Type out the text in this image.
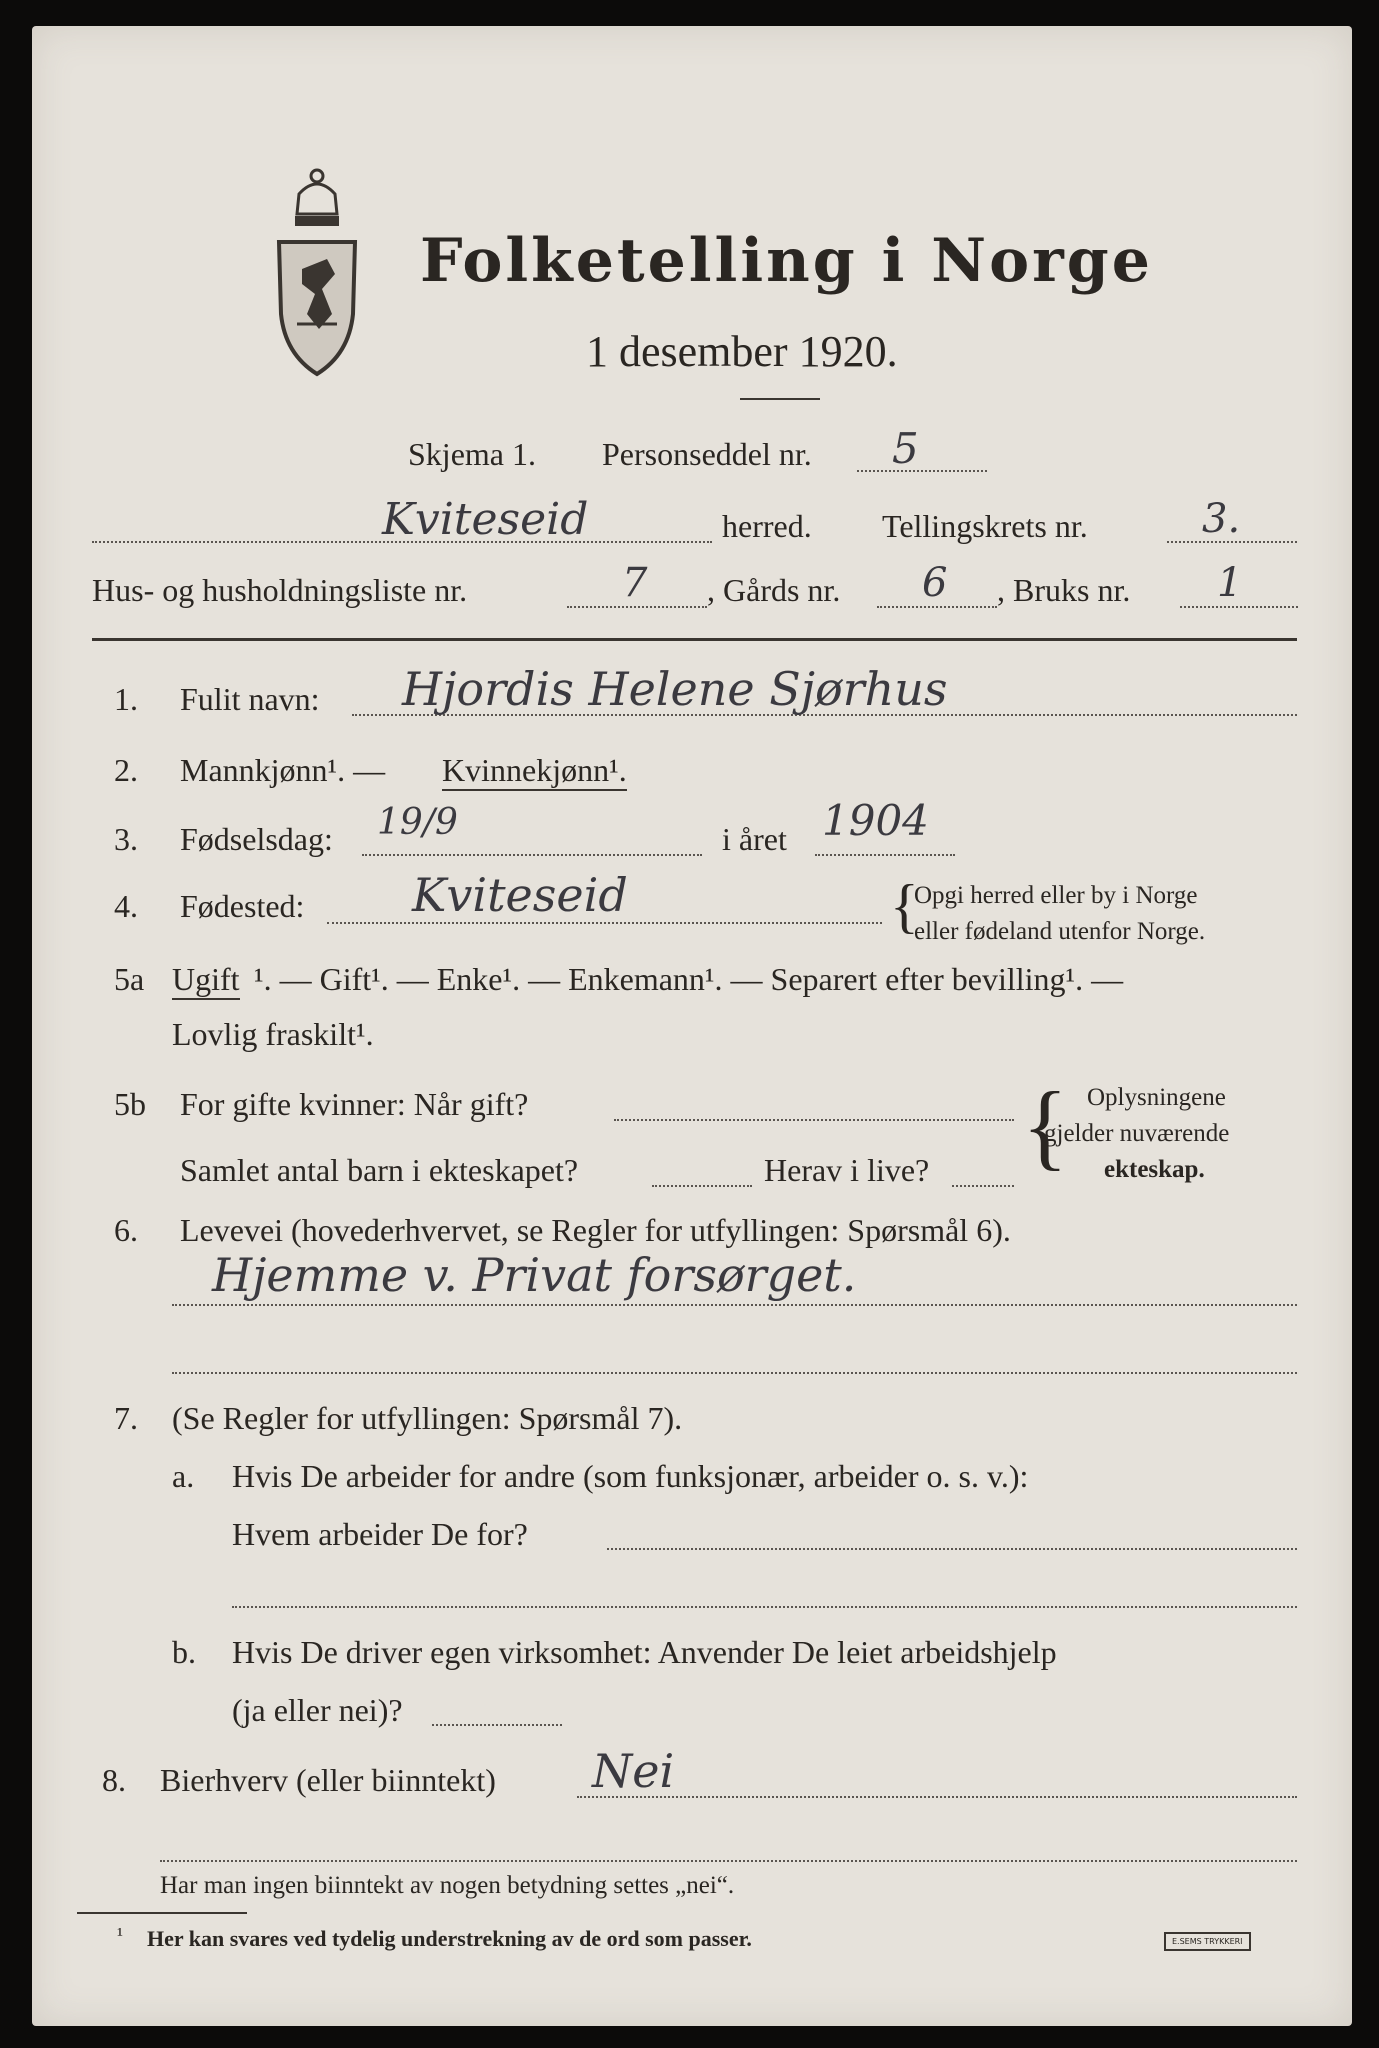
Folketelling i Norge
1 desember 1920.
Skjema 1. Personseddel nr. 5
Kviteseid	herred. Tellingskrets nr.	3.
Hus- og husholdningsliste nr.	7 , Gårds nr. 6 , Bruks nr. 1
1. Fulit navn: Hjordis Helene Sjørhus
2. Mannkjønn¹. — Kvinnekjønn¹.
3. Fødselsdag: 19/9	i året 1904
4. Fødested: Kviteseid	{
Opgi herred eller by i Norge
eller fødeland utenfor Norge.
5a Ugift ¹. — Gift¹. — Enke¹. — Enkemann¹. — Separert efter bevilling¹. —
Lovlig fraskilt¹.
5b For gifte kvinner: Når gift?
Samlet antal barn i ekteskapet?	Herav i live? { Oplysningene
gjelder nuværende
ekteskap.
6. Levevei (hovederhvervet, se Regler for utfyllingen: Spørsmål 6).
Hjemme v. Privat forsørget.
7. (Se Regler for utfyllingen: Spørsmål 7).
a. Hvis De arbeider for andre (som funksjonær, arbeider o. s. v.):
Hvem arbeider De for?
b. Hvis De driver egen virksomhet: Anvender De leiet arbeidshjelp
(ja eller nei)?
8. Bierhverv (eller biinntekt) Nei
Har man ingen biinntekt av nogen betydning settes „nei“.
¹ Her kan svares ved tydelig understrekning av de ord som passer.	E.SEMS TRYKKERI
